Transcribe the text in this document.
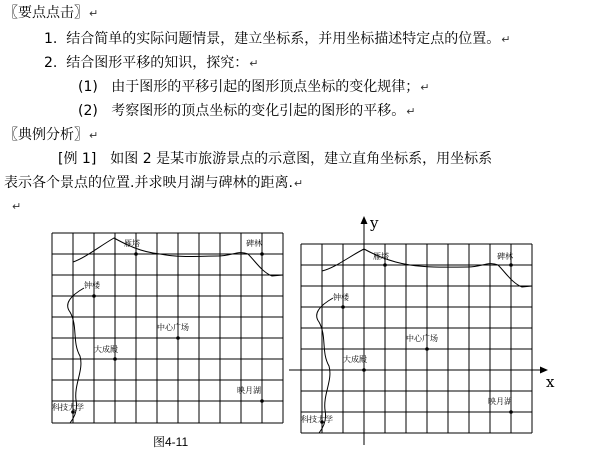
〖要点点击〗↵
1. 结合简单的实际问题情景，建立坐标系，并用坐标描述特定点的位置。↵
2. 结合图形平移的知识，探究：↵
(1) 由于图形的平移引起的图形顶点坐标的变化规律；↵
(2) 考察图形的顶点坐标的变化引起的图形的平移。↵
〖典例分析〗↵
[例 1]　如图 2 是某市旅游景点的示意图，建立直角坐标系，用坐标系
表示各个景点的位置.并求映月湖与碑林的距离.↵
↵
雁塔	碑林
钟楼
中心广场
大成殿
映月湖
科技大学
图4-11
雁塔	碑林
钟楼
中心广场
大成殿
映月湖
科技大学
x
y
